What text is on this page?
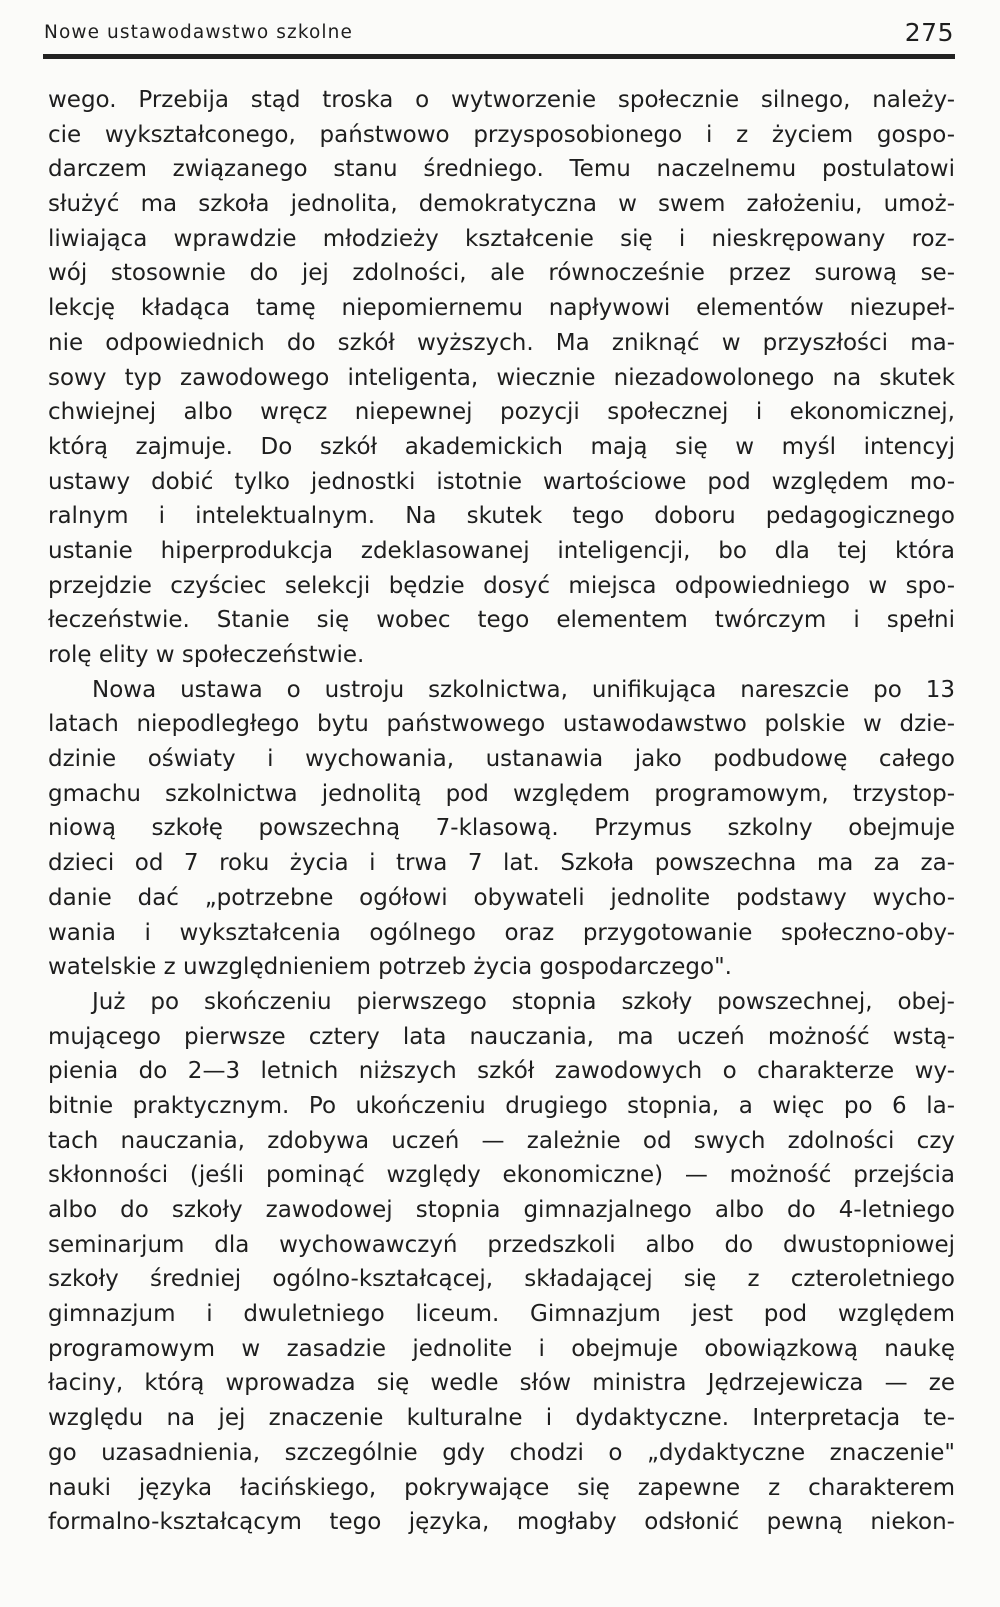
Nowe ustawodawstwo szkolne	275
wego. Przebija stąd troska o wytworzenie społecznie silnego, należy-
cie wykształconego, państwowo przysposobionego i z życiem gospo-
darczem związanego stanu średniego. Temu naczelnemu postulatowi
służyć ma szkoła jednolita, demokratyczna w swem założeniu, umoż-
liwiająca wprawdzie młodzieży kształcenie się i nieskrępowany roz-
wój stosownie do jej zdolności, ale równocześnie przez surową se-
lekcję kładąca tamę niepomiernemu napływowi elementów niezupeł-
nie odpowiednich do szkół wyższych. Ma zniknąć w przyszłości ma-
sowy typ zawodowego inteligenta, wiecznie niezadowolonego na skutek
chwiejnej albo wręcz niepewnej pozycji społecznej i ekonomicznej,
którą zajmuje. Do szkół akademickich mają się w myśl intencyj
ustawy dobić tylko jednostki istotnie wartościowe pod względem mo-
ralnym i intelektualnym. Na skutek tego doboru pedagogicznego
ustanie hiperprodukcja zdeklasowanej inteligencji, bo dla tej która
przejdzie czyściec selekcji będzie dosyć miejsca odpowiedniego w spo-
łeczeństwie. Stanie się wobec tego elementem twórczym i spełni
rolę elity w społeczeństwie.
Nowa ustawa o ustroju szkolnictwa, unifikująca nareszcie po 13
latach niepodległego bytu państwowego ustawodawstwo polskie w dzie-
dzinie oświaty i wychowania, ustanawia jako podbudowę całego
gmachu szkolnictwa jednolitą pod względem programowym, trzystop-
niową szkołę powszechną 7-klasową. Przymus szkolny obejmuje
dzieci od 7 roku życia i trwa 7 lat. Szkoła powszechna ma za za-
danie dać „potrzebne ogółowi obywateli jednolite podstawy wycho-
wania i wykształcenia ogólnego oraz przygotowanie społeczno-oby-
watelskie z uwzględnieniem potrzeb życia gospodarczego".
Już po skończeniu pierwszego stopnia szkoły powszechnej, obej-
mującego pierwsze cztery lata nauczania, ma uczeń możność wstą-
pienia do 2—3 letnich niższych szkół zawodowych o charakterze wy-
bitnie praktycznym. Po ukończeniu drugiego stopnia, a więc po 6 la-
tach nauczania, zdobywa uczeń — zależnie od swych zdolności czy
skłonności (jeśli pominąć względy ekonomiczne) — możność przejścia
albo do szkoły zawodowej stopnia gimnazjalnego albo do 4-letniego
seminarjum dla wychowawczyń przedszkoli albo do dwustopniowej
szkoły średniej ogólno-kształcącej, składającej się z czteroletniego
gimnazjum i dwuletniego liceum. Gimnazjum jest pod względem
programowym w zasadzie jednolite i obejmuje obowiązkową naukę
łaciny, którą wprowadza się wedle słów ministra Jędrzejewicza — ze
względu na jej znaczenie kulturalne i dydaktyczne. Interpretacja te-
go uzasadnienia, szczególnie gdy chodzi o „dydaktyczne znaczenie"
nauki języka łacińskiego, pokrywające się zapewne z charakterem
formalno-kształcącym tego języka, mogłaby odsłonić pewną niekon-
